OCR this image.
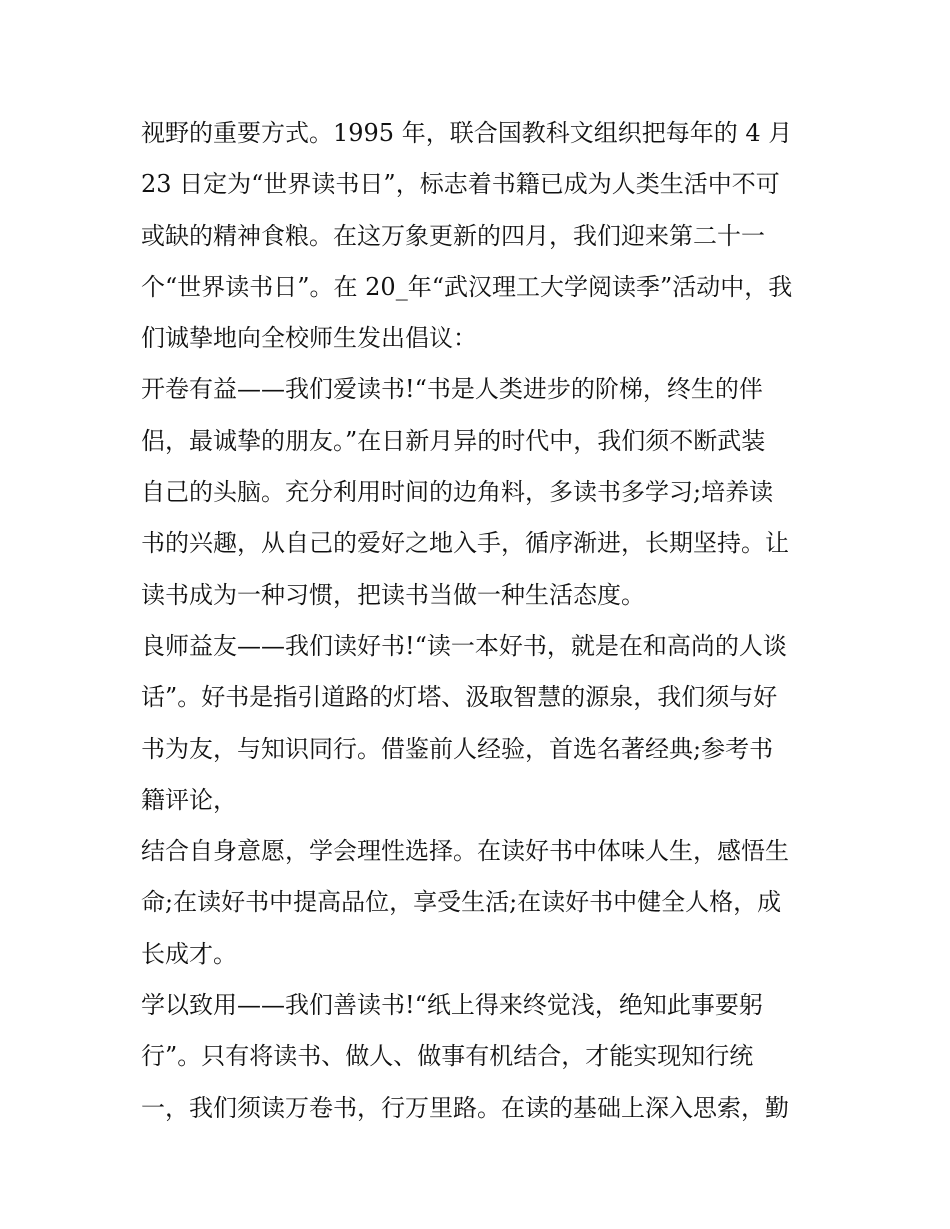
视野的重要方式。1995 年，联合国教科文组织把每年的 4 月
23 日定为“世界读书日”，标志着书籍已成为人类生活中不可
或缺的精神食粮。在这万象更新的四月，我们迎来第二十一
个“世界读书日”。在 20_年“武汉理工大学阅读季”活动中，我
们诚挚地向全校师生发出倡议：
开卷有益——我们爱读书!“书是人类进步的阶梯，终生的伴
侣，最诚挚的朋友。”在日新月异的时代中，我们须不断武装
自己的头脑。充分利用时间的边角料，多读书多学习;培养读
书的兴趣，从自己的爱好之地入手，循序渐进，长期坚持。让
读书成为一种习惯，把读书当做一种生活态度。
良师益友——我们读好书!“读一本好书，就是在和高尚的人谈
话”。好书是指引道路的灯塔、汲取智慧的源泉，我们须与好
书为友，与知识同行。借鉴前人经验，首选名著经典;参考书
籍评论，
结合自身意愿，学会理性选择。在读好书中体味人生，感悟生
命;在读好书中提高品位，享受生活;在读好书中健全人格，成
长成才。
学以致用——我们善读书!“纸上得来终觉浅，绝知此事要躬
行”。只有将读书、做人、做事有机结合，才能实现知行统
一，我们须读万卷书，行万里路。在读的基础上深入思索，勤
